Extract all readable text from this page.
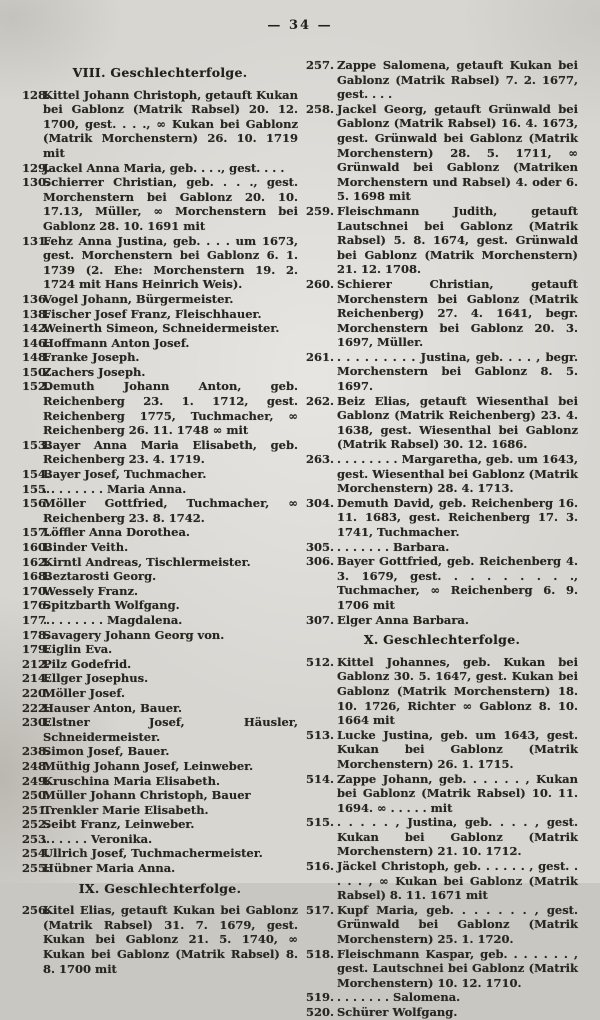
— 34 —
VIII. Geschlechterfolge.
128.
Kittel Johann Christoph, getauft Kukan bei Gablonz (Matrik Rabsel) 20. 12. 1700, gest. . . ., ∞ Kukan bei Gablonz (Matrik Morchenstern) 26. 10. 1719 mit
129.
Jackel Anna Maria, geb. . . ., gest. . . .
130.
Schierrer Christian, geb. . . ., gest. Morchenstern bei Gablonz 20. 10. 17.13, Müller, ∞ Morchenstern bei Gablonz 28. 10. 1691 mit
131.
Fehz Anna Justina, geb. . . . um 1673, gest. Morchenstern bei Gablonz 6. 1. 1739 (2. Ehe: Morchenstern 19. 2. 1724 mit Hans Heinrich Weis).
136.
Vogel Johann, Bürgermeister.
138.
Fischer Josef Franz, Fleischhauer.
142.
Weinerth Simeon, Schneidermeister.
146.
Hoffmann Anton Josef.
148.
Franke Joseph.
150.
Zachers Joseph.
152.
Demuth Johann Anton, geb. Reichenberg 23. 1. 1712, gest. Reichenberg 1775, Tuchmacher, ∞ Reichenberg 26. 11. 1748 ∞ mit
153.
Bayer Anna Maria Elisabeth, geb. Reichenberg 23. 4. 1719.
154.
Bayer Josef, Tuchmacher.
155.
. . . . . . . . Maria Anna.
156.
Möller Gottfried, Tuchmacher, ∞ Reichenberg 23. 8. 1742.
157.
Löffler Anna Dorothea.
160.
Binder Veith.
162.
Kirntl Andreas, Tischlermeister.
168.
Beztarosti Georg.
170.
Wessely Franz.
176.
Spitzbarth Wolfgang.
177.
. . . . . . . . Magdalena.
178.
Savagery Johann Georg von.
179.
Eiglin Eva.
212.
Pilz Godefrid.
214.
Ellger Josephus.
220.
Möller Josef.
222.
Hauser Anton, Bauer.
230.
Elstner Josef, Häusler, Schneidermeister.
238.
Simon Josef, Bauer.
248.
Müthig Johann Josef, Leinweber.
249.
Kruschina Maria Elisabeth.
250.
Müller Johann Christoph, Bauer
251.
Trenkler Marie Elisabeth.
252.
Seibt Franz, Leinweber.
253.
. . . . . . Veronika.
254.
Ullrich Josef, Tuchmachermeister.
255.
Hübner Maria Anna.
IX. Geschlechterfolge.
256.
Kitel Elias, getauft Kukan bei Gablonz (Matrik Rabsel) 31. 7. 1679, gest. Kukan bei Gablonz 21. 5. 1740, ∞ Kukan bei Gablonz (Matrik Rabsel) 8. 8. 1700 mit
257. Zappe Salomena, getauft Kukan bei Gablonz (Matrik Rabsel) 7. 2. 1677, gest. . . .
258. Jackel Georg, getauft Grünwald bei Gablonz (Matrik Rabsel) 16. 4. 1673, gest. Grünwald bei Gablonz (Matrik Morchenstern) 28. 5. 1711, ∞ Grünwald bei Gablonz (Matriken Morchenstern und Rabsel) 4. oder 6. 5. 1698 mit
259. Fleischmann Judith, getauft Lautschnei bei Gablonz (Matrik Rabsel) 5. 8. 1674, gest. Grünwald bei Gablonz (Matrik Morchenstern) 21. 12. 1708.
260. Schierer Christian, getauft Morchenstern bei Gablonz (Matrik Reichenberg) 27. 4. 1641, begr. Morchenstern bei Gablonz 20. 3. 1697, Müller.
261. . . . . . . . . . Justina, geb. . . . , begr. Morchenstern bei Gablonz 8. 5. 1697.
262. Beiz Elias, getauft Wiesenthal bei Gablonz (Matrik Reichenberg) 23. 4. 1638, gest. Wiesenthal bei Gablonz (Matrik Rabsel) 30. 12. 1686.
263. . . . . . . . . Margaretha, geb. um 1643, gest. Wiesenthal bei Gablonz (Matrik Morchenstern) 28. 4. 1713.
304. Demuth David, geb. Reichenberg 16. 11. 1683, gest. Reichenberg 17. 3. 1741, Tuchmacher.
305. . . . . . . . Barbara.
306. Bayer Gottfried, geb. Reichenberg 4. 3. 1679, gest. . . . . . . . ., Tuchmacher, ∞ Reichenberg 6. 9. 1706 mit
307. Elger Anna Barbara.
X. Geschlechterfolge.
512. Kittel Johannes, geb. Kukan bei Gablonz 30. 5. 1647, gest. Kukan bei Gablonz (Matrik Morchenstern) 18. 10. 1726, Richter ∞ Gablonz 8. 10. 1664 mit
513. Lucke Justina, geb. um 1643, gest. Kukan bei Gablonz (Matrik Morchenstern) 26. 1. 1715.
514. Zappe Johann, geb. . . . . . , Kukan bei Gablonz (Matrik Rabsel) 10. 11. 1694. ∞ . . . . . mit
515. . . . . . , Justina, geb. . . . , gest. Kukan bei Gablonz (Matrik Morchenstern) 21. 10. 1712.
516. Jäckel Christoph, geb. . . . . . , gest. . . . . , ∞ Kukan bei Gablonz (Matrik Rabsel) 8. 11. 1671 mit
517. Kupf Maria, geb. . . . . . . , gest. Grünwald bei Gablonz (Matrik Morchenstern) 25. 1. 1720.
518. Fleischmann Kaspar, geb. . . . . . . , gest. Lautschnei bei Gablonz (Matrik Morchenstern) 10. 12. 1710.
519. . . . . . . . Salomena.
520. Schürer Wolfgang.
